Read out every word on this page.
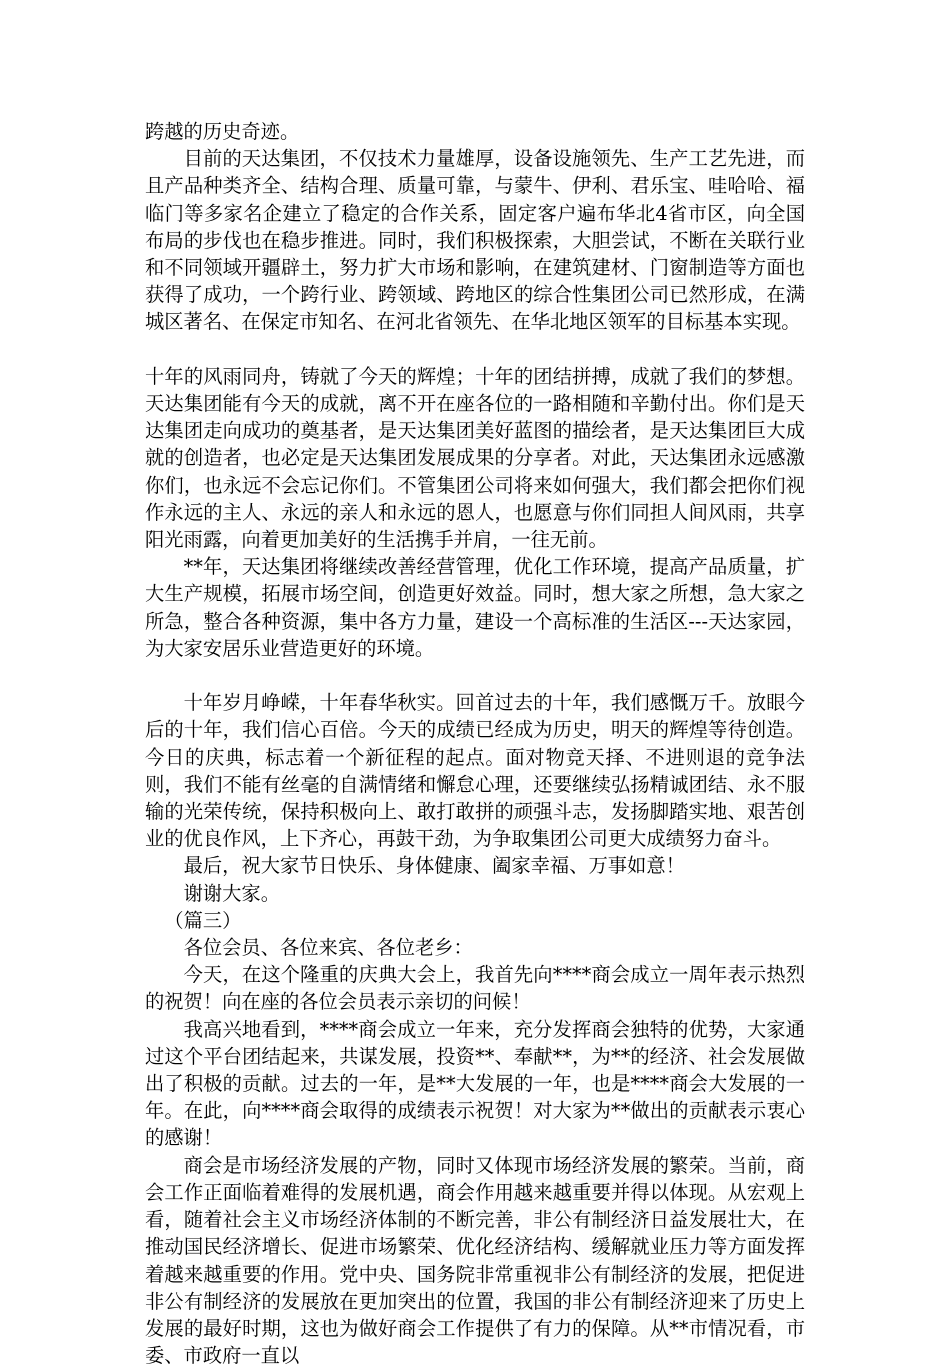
跨越的历史奇迹。

目前的天达集团，不仅技术力量雄厚，设备设施领先、生产工艺先进，而且产品种类齐全、结构合理、质量可靠，与蒙牛、伊利、君乐宝、哇哈哈、福临门等多家名企建立了稳定的合作关系，固定客户遍布华北4省市区，向全国布局的步伐也在稳步推进。同时，我们积极探索，大胆尝试，不断在关联行业和不同领域开疆辟土，努力扩大市场和影响，在建筑建材、门窗制造等方面也获得了成功，一个跨行业、跨领域、跨地区的综合性集团公司已然形成，在满城区著名、在保定市知名、在河北省领先、在华北地区领军的目标基本实现。

十年的风雨同舟，铸就了今天的辉煌；十年的团结拼搏，成就了我们的梦想。天达集团能有今天的成就，离不开在座各位的一路相随和辛勤付出。你们是天达集团走向成功的奠基者，是天达集团美好蓝图的描绘者，是天达集团巨大成就的创造者，也必定是天达集团发展成果的分享者。对此，天达集团永远感激你们，也永远不会忘记你们。不管集团公司将来如何强大，我们都会把你们视作永远的主人、永远的亲人和永远的恩人，也愿意与你们同担人间风雨，共享阳光雨露，向着更加美好的生活携手并肩，一往无前。

**年，天达集团将继续改善经营管理，优化工作环境，提高产品质量，扩大生产规模，拓展市场空间，创造更好效益。同时，想大家之所想，急大家之所急，整合各种资源，集中各方力量，建设一个高标准的生活区---天达家园，为大家安居乐业营造更好的环境。

十年岁月峥嵘，十年春华秋实。回首过去的十年，我们感慨万千。放眼今后的十年，我们信心百倍。今天的成绩已经成为历史，明天的辉煌等待创造。今日的庆典，标志着一个新征程的起点。面对物竞天择、不进则退的竞争法则，我们不能有丝毫的自满情绪和懈怠心理，还要继续弘扬精诚团结、永不服输的光荣传统，保持积极向上、敢打敢拼的顽强斗志，发扬脚踏实地、艰苦创业的优良作风，上下齐心，再鼓干劲，为争取集团公司更大成绩努力奋斗。

最后，祝大家节日快乐、身体健康、阖家幸福、万事如意！

谢谢大家。

（篇三）

各位会员、各位来宾、各位老乡：

今天，在这个隆重的庆典大会上，我首先向****商会成立一周年表示热烈的祝贺！向在座的各位会员表示亲切的问候！

我高兴地看到，****商会成立一年来，充分发挥商会独特的优势，大家通过这个平台团结起来，共谋发展，投资**、奉献**，为**的经济、社会发展做出了积极的贡献。过去的一年，是**大发展的一年，也是****商会大发展的一年。在此，向****商会取得的成绩表示祝贺！对大家为**做出的贡献表示衷心的感谢！

商会是市场经济发展的产物，同时又体现市场经济发展的繁荣。当前，商会工作正面临着难得的发展机遇，商会作用越来越重要并得以体现。从宏观上看，随着社会主义市场经济体制的不断完善，非公有制经济日益发展壮大，在推动国民经济增长、促进市场繁荣、优化经济结构、缓解就业压力等方面发挥着越来越重要的作用。党中央、国务院非常重视非公有制经济的发展，把促进非公有制经济的发展放在更加突出的位置，我国的非公有制经济迎来了历史上发展的最好时期，这也为做好商会工作提供了有力的保障。从**市情况看，市委、市政府一直以
